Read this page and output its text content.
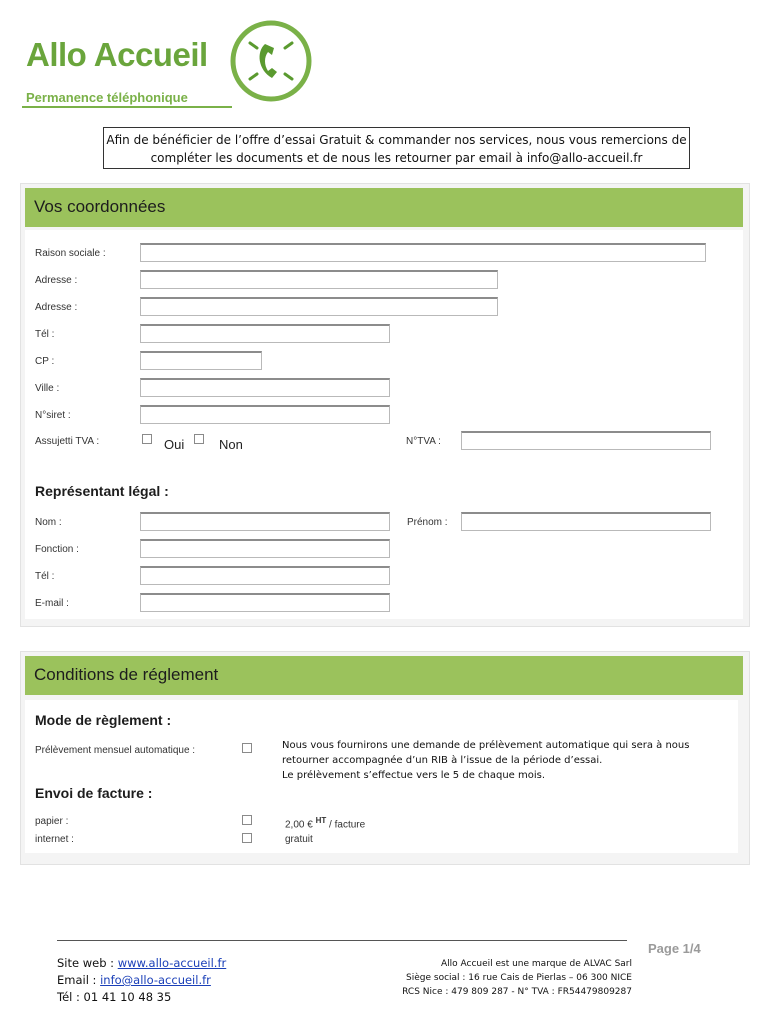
Allo Accueil
Permanence téléphonique
Afin de bénéficier de l’offre d’essai Gratuit & commander nos services, nous vous remercions de
compléter les documents et de nous les retourner par email à info@allo-accueil.fr
Vos coordonnées
Raison sociale :
Adresse :
Adresse :
Tél :
CP :
Ville :
N°siret :
Assujetti TVA :	Oui	Non	N°TVA :
Représentant légal :
Nom :	Prénom :
Fonction :
Tél :
E-mail :
Conditions de réglement
Mode de règlement :
Prélèvement mensuel automatique :	Nous vous fournirons une demande de prélèvement automatique qui sera à nous
retourner accompagnée d’un RIB à l’issue de la période d’essai.
Le prélèvement s’effectue vers le 5 de chaque mois.
Envoi de facture :
papier :	2,00 € $^{HT}$ / facture
internet :	gratuit
Page 1/4
Site web : www.allo-accueil.fr
Email : info@allo-accueil.fr
Tél : 01 41 10 48 35
Allo Accueil est une marque de ALVAC Sarl
Siège social : 16 rue Cais de Pierlas – 06 300 NICE
RCS Nice : 479 809 287 - N° TVA : FR54479809287
